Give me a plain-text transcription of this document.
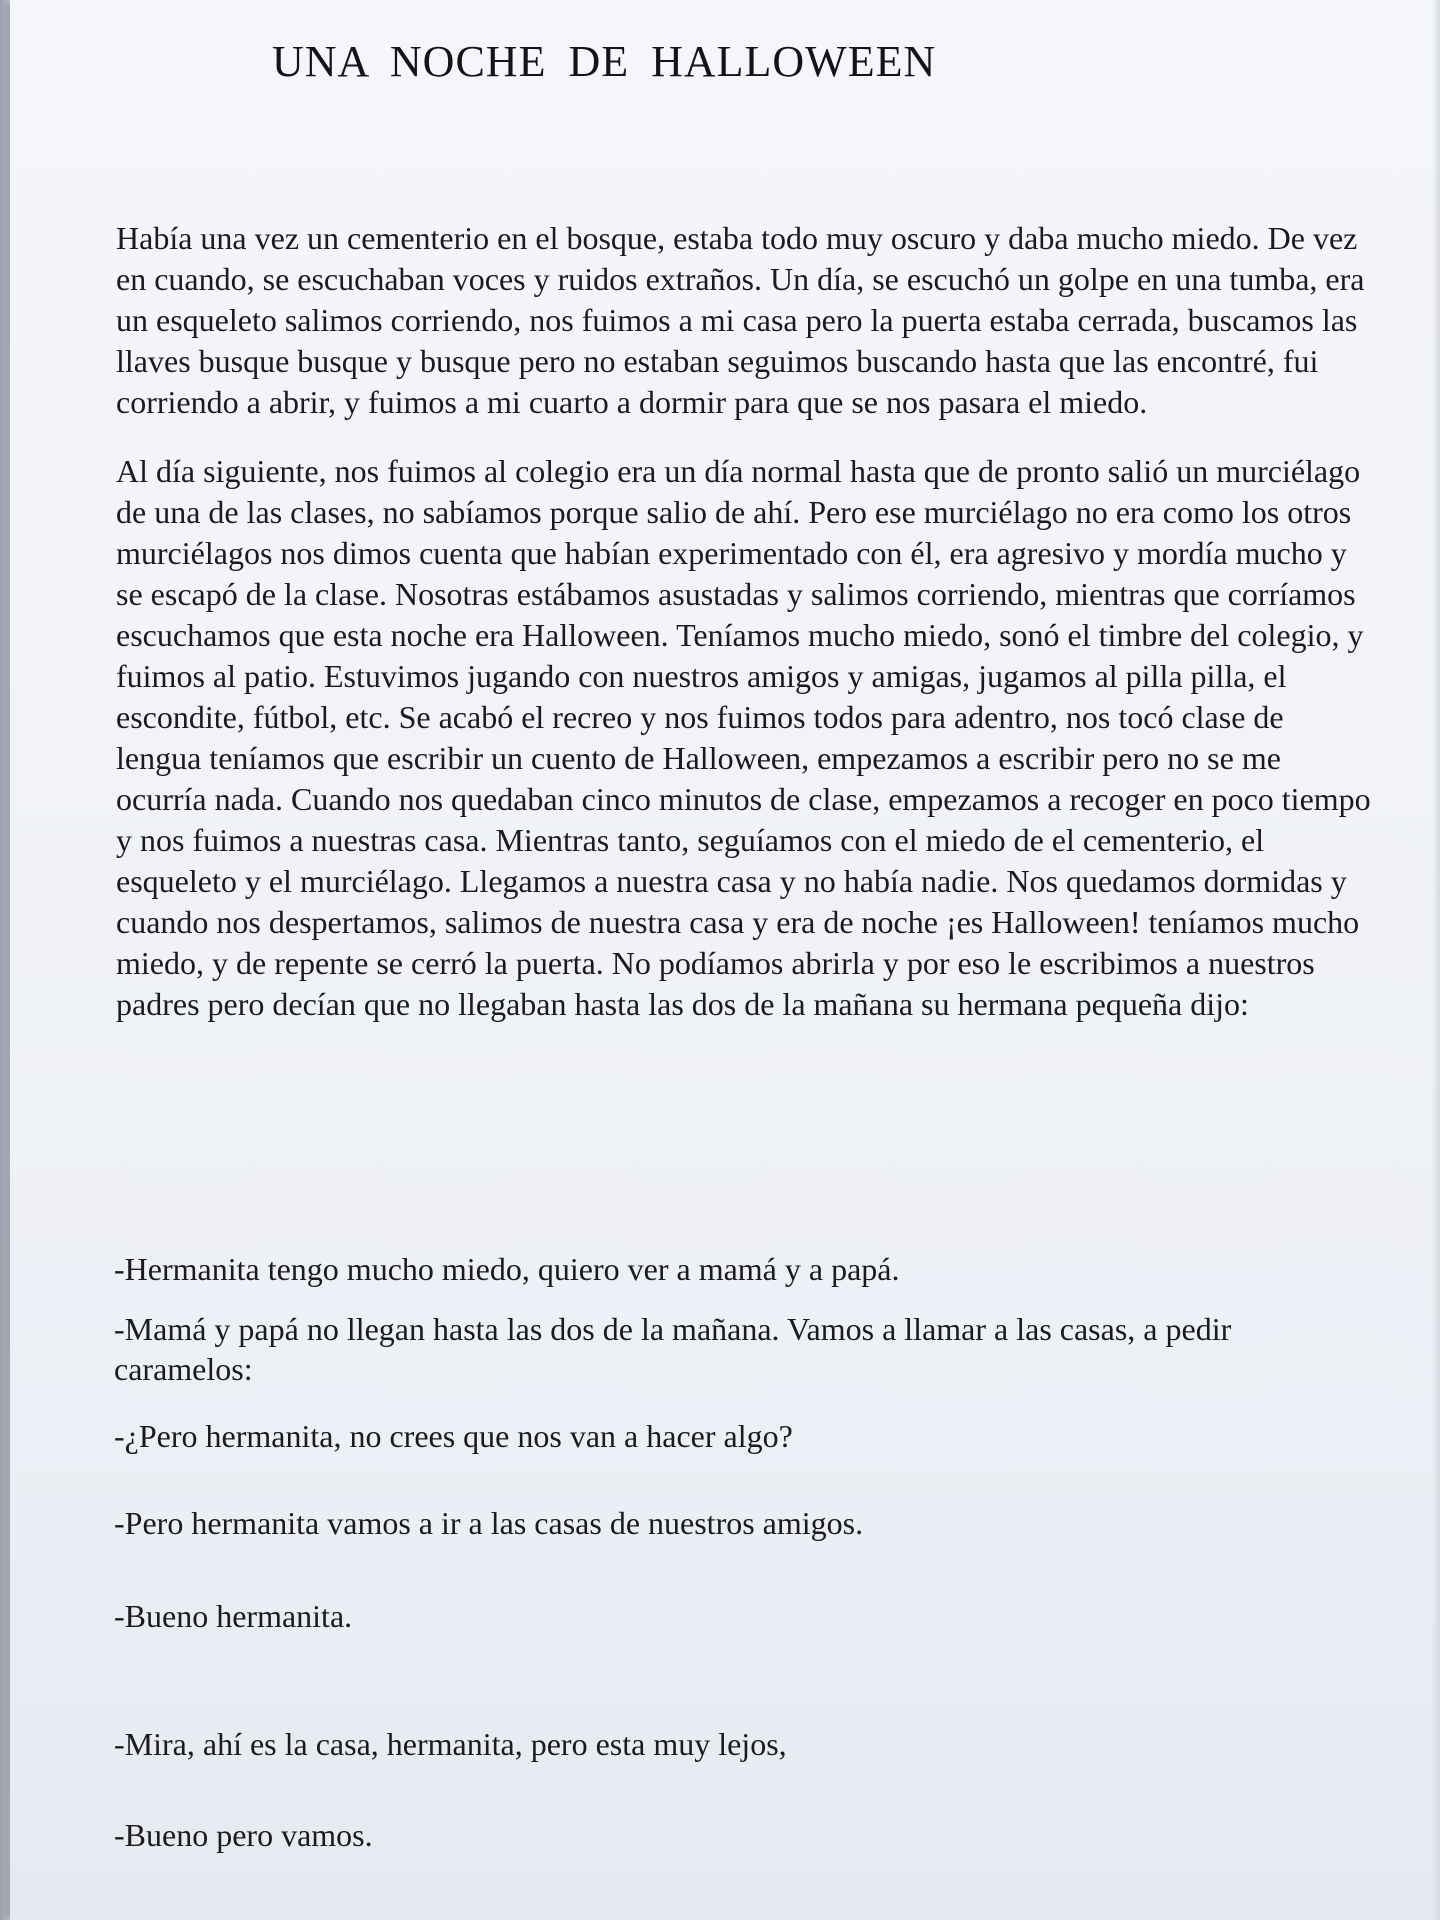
UNA NOCHE DE HALLOWEEN

Había una vez un cementerio en el bosque, estaba todo muy oscuro y daba mucho miedo. De vez en cuando, se escuchaban voces y ruidos extraños. Un día, se escuchó un golpe en una tumba, era un esqueleto salimos corriendo, nos fuimos a mi casa pero la puerta estaba cerrada, buscamos las llaves busque busque y busque pero no estaban seguimos buscando hasta que las encontré, fui corriendo a abrir, y fuimos a mi cuarto a dormir para que se nos pasara el miedo.

Al día siguiente, nos fuimos al colegio era un día normal hasta que de pronto salió un murciélago de una de las clases, no sabíamos porque salio de ahí. Pero ese murciélago no era como los otros murciélagos nos dimos cuenta que habían experimentado con él, era agresivo y mordía mucho y se escapó de la clase. Nosotras estábamos asustadas y salimos corriendo, mientras que corríamos escuchamos que esta noche era Halloween. Teníamos mucho miedo, sonó el timbre del colegio, y fuimos al patio. Estuvimos jugando con nuestros amigos y amigas, jugamos al pilla pilla, el escondite, fútbol, etc. Se acabó el recreo y nos fuimos todos para adentro, nos tocó clase de lengua teníamos que escribir un cuento de Halloween, empezamos a escribir pero no se me ocurría nada. Cuando nos quedaban cinco minutos de clase, empezamos a recoger en poco tiempo y nos fuimos a nuestras casa. Mientras tanto, seguíamos con el miedo de el cementerio, el esqueleto y el murciélago. Llegamos a nuestra casa y no había nadie. Nos quedamos dormidas y cuando nos despertamos, salimos de nuestra casa y era de noche ¡es Halloween! teníamos mucho miedo, y de repente se cerró la puerta. No podíamos abrirla y por eso le escribimos a nuestros padres pero decían que no llegaban hasta las dos de la mañana su hermana pequeña dijo:

-Hermanita tengo mucho miedo, quiero ver a mamá y a papá.

-Mamá y papá no llegan hasta las dos de la mañana. Vamos a llamar a las casas, a pedir caramelos:

-¿Pero hermanita, no crees que nos van a hacer algo?

-Pero hermanita vamos a ir a las casas de nuestros amigos.

-Bueno hermanita.

-Mira, ahí es la casa, hermanita, pero esta muy lejos,

-Bueno pero vamos.
